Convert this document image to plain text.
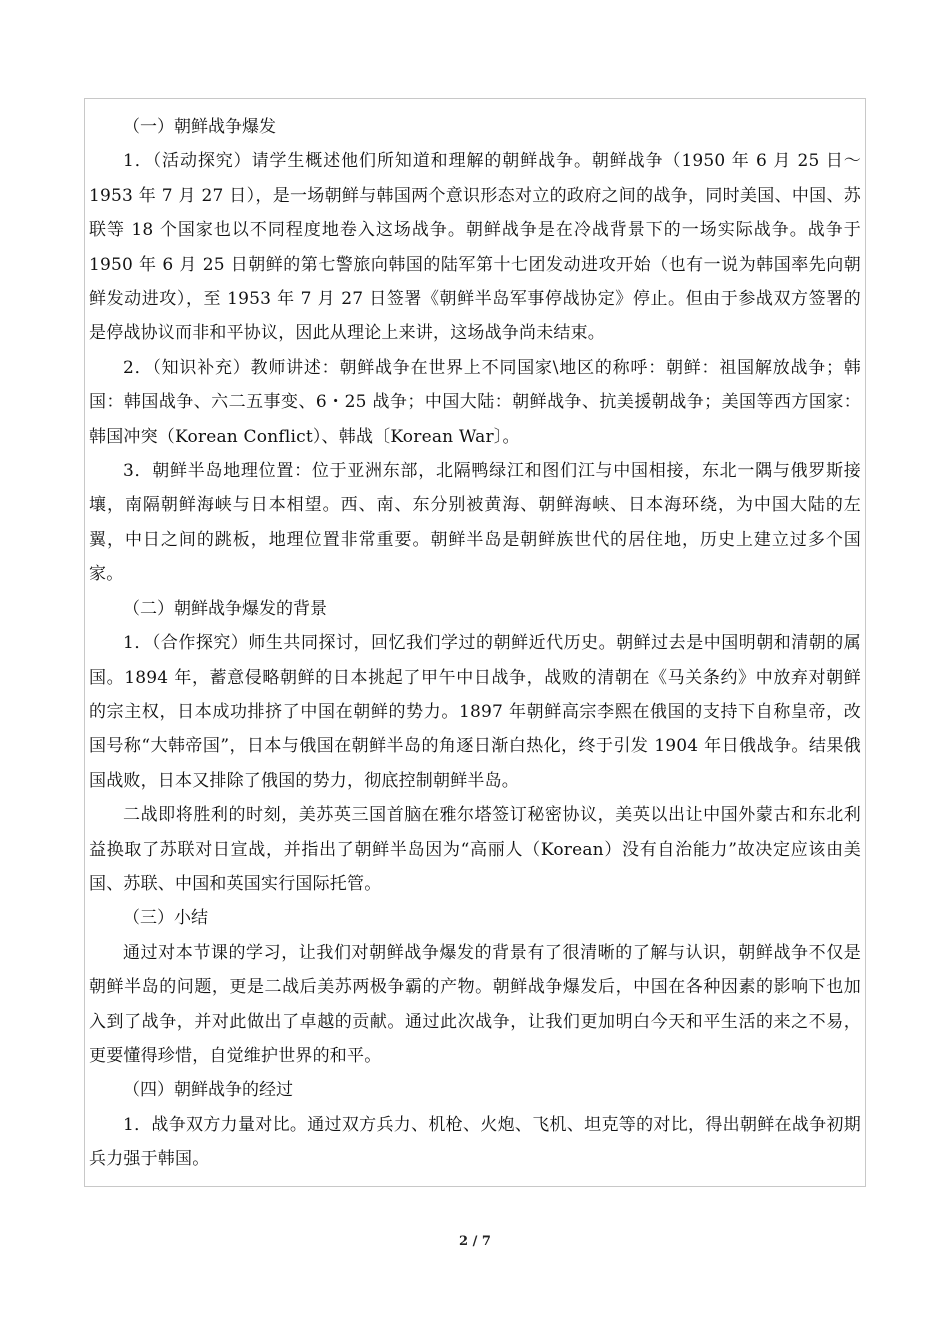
（一）朝鲜战争爆发

1．（活动探究）请学生概述他们所知道和理解的朝鲜战争。朝鲜战争（1950 年 6 月 25 日～1953 年 7 月 27 日），是一场朝鲜与韩国两个意识形态对立的政府之间的战争，同时美国、中国、苏联等 18 个国家也以不同程度地卷入这场战争。朝鲜战争是在冷战背景下的一场实际战争。战争于 1950 年 6 月 25 日朝鲜的第七警旅向韩国的陆军第十七团发动进攻开始（也有一说为韩国率先向朝鲜发动进攻），至 1953 年 7 月 27 日签署《朝鲜半岛军事停战协定》停止。但由于参战双方签署的是停战协议而非和平协议，因此从理论上来讲，这场战争尚未结束。

2．（知识补充）教师讲述：朝鲜战争在世界上不同国家\地区的称呼：朝鲜：祖国解放战争；韩国：韩国战争、六二五事变、6・25 战争；中国大陆：朝鲜战争、抗美援朝战争；美国等西方国家：韩国冲突（Korean Conflict）、韩战〔Korean War〕。

3．朝鲜半岛地理位置：位于亚洲东部，北隔鸭绿江和图们江与中国相接，东北一隅与俄罗斯接壤，南隔朝鲜海峡与日本相望。西、南、东分别被黄海、朝鲜海峡、日本海环绕，为中国大陆的左翼，中日之间的跳板，地理位置非常重要。朝鲜半岛是朝鲜族世代的居住地，历史上建立过多个国家。

（二）朝鲜战争爆发的背景

1．（合作探究）师生共同探讨，回忆我们学过的朝鲜近代历史。朝鲜过去是中国明朝和清朝的属国。1894 年，蓄意侵略朝鲜的日本挑起了甲午中日战争，战败的清朝在《马关条约》中放弃对朝鲜的宗主权，日本成功排挤了中国在朝鲜的势力。1897 年朝鲜高宗李熙在俄国的支持下自称皇帝，改国号称“大韩帝国”，日本与俄国在朝鲜半岛的角逐日渐白热化，终于引发 1904 年日俄战争。结果俄国战败，日本又排除了俄国的势力，彻底控制朝鲜半岛。

二战即将胜利的时刻，美苏英三国首脑在雅尔塔签订秘密协议，美英以出让中国外蒙古和东北利益换取了苏联对日宣战，并指出了朝鲜半岛因为“高丽人（Korean）没有自治能力”故决定应该由美国、苏联、中国和英国实行国际托管。

（三）小结

通过对本节课的学习，让我们对朝鲜战争爆发的背景有了很清晰的了解与认识，朝鲜战争不仅是朝鲜半岛的问题，更是二战后美苏两极争霸的产物。朝鲜战争爆发后，中国在各种因素的影响下也加入到了战争，并对此做出了卓越的贡献。通过此次战争，让我们更加明白今天和平生活的来之不易，更要懂得珍惜，自觉维护世界的和平。

（四）朝鲜战争的经过

1．战争双方力量对比。通过双方兵力、机枪、火炮、飞机、坦克等的对比，得出朝鲜在战争初期兵力强于韩国。

2 / 7
